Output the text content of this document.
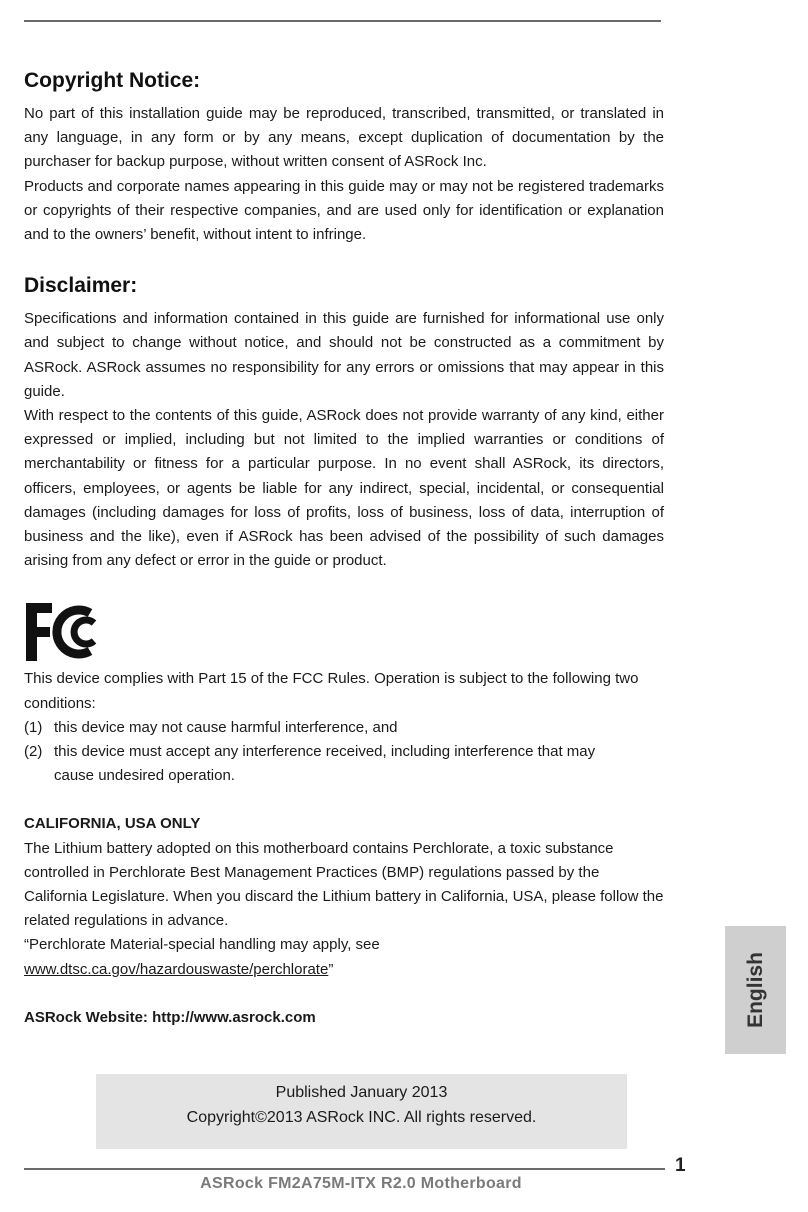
Copyright Notice:

No part of this installation guide may be reproduced, transcribed, transmitted, or translated in any language, in any form or by any means, except duplication of documentation by the purchaser for backup purpose, without written consent of ASRock Inc.

Products and corporate names appearing in this guide may or may not be registered trademarks or copyrights of their respective companies, and are used only for identification or explanation and to the owners’ benefit, without intent to infringe.

Disclaimer:

Specifications and information contained in this guide are furnished for informational use only and subject to change without notice, and should not be constructed as a commitment by ASRock. ASRock assumes no responsibility for any errors or omissions that may appear in this guide.

With respect to the contents of this guide, ASRock does not provide warranty of any kind, either expressed or implied, including but not limited to the implied warranties or conditions of merchantability or fitness for a particular purpose. In no event shall ASRock, its directors, officers, employees, or agents be liable for any indirect, special, incidental, or consequential damages (including damages for loss of profits, loss of business, loss of data, interruption of business and the like), even if ASRock has been advised of the possibility of such damages arising from any defect or error in the guide or product.

This device complies with Part 15 of the FCC Rules. Operation is subject to the following two conditions:

(1) this device may not cause harmful interference, and
(2) this device must accept any interference received, including interference that may cause undesired operation.

CALIFORNIA, USA ONLY

The Lithium battery adopted on this motherboard contains Perchlorate, a toxic substance controlled in Perchlorate Best Management Practices (BMP) regulations passed by the California Legislature. When you discard the Lithium battery in California, USA, please follow the related regulations in advance.

“Perchlorate Material-special handling may apply, see
www.dtsc.ca.gov/hazardouswaste/perchlorate”

ASRock Website: http://www.asrock.com	English
Published January 2013
Copyright©2013 ASRock INC. All rights reserved.
1
ASRock FM2A75M-ITX R2.0 Motherboard
